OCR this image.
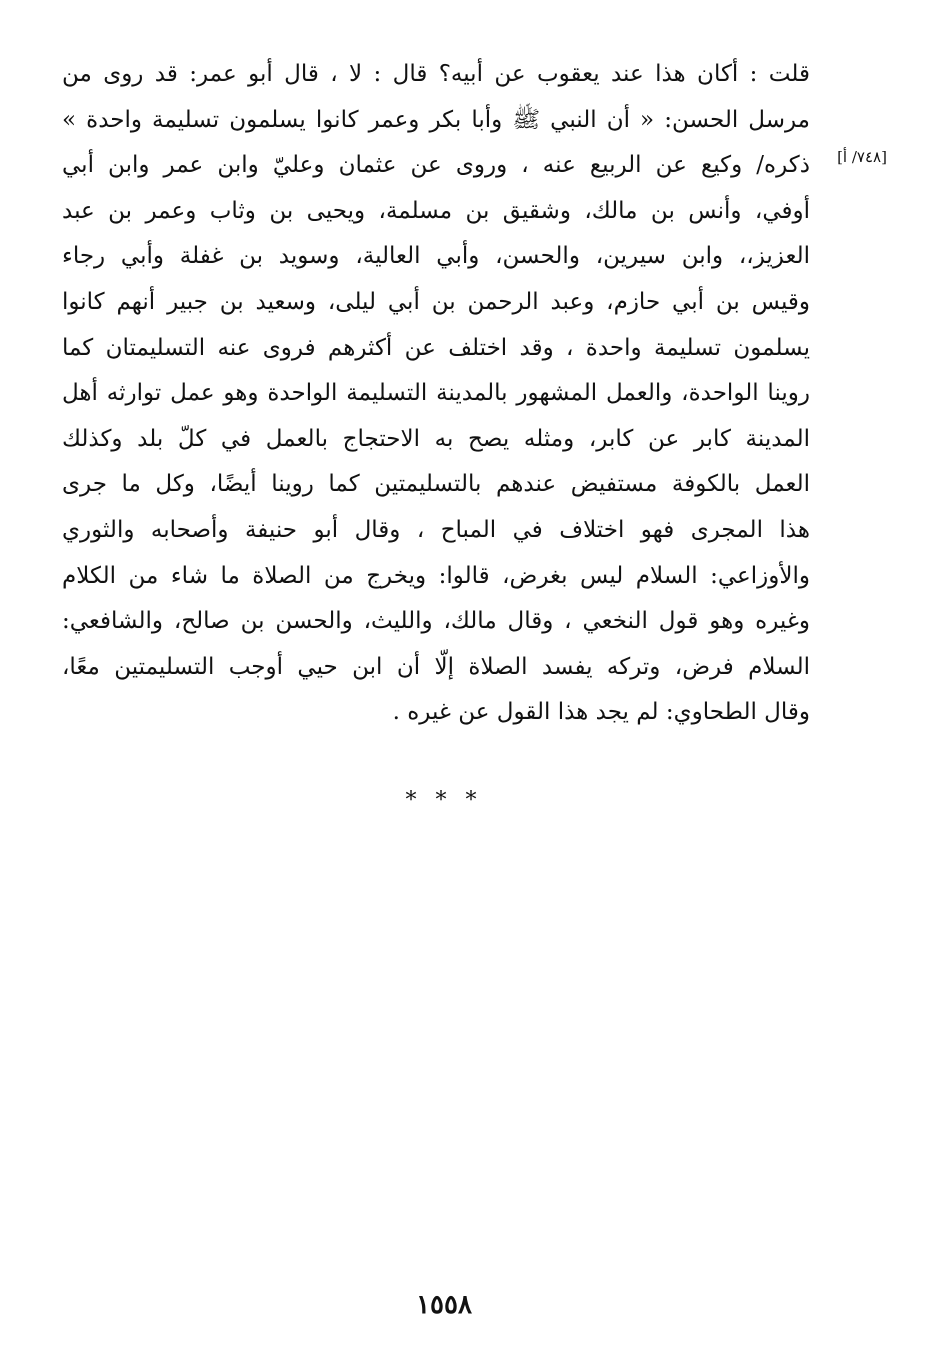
قلت : أكان هذا عند يعقوب عن أبيه؟ قال : لا ، قال أبو عمر: قد روى من
مرسل الحسن: « أن النبي ﷺ وأبا بكر وعمر كانوا يسلمون تسليمة واحدة »
ذكره/ وكيع عن الربيع عنه ، وروى عن عثمان وعليّ وابن عمر وابن أبي
أوفي، وأنس بن مالك، وشقيق بن مسلمة، ويحيى بن وثاب وعمر بن عبد
العزيز،، وابن سيرين، والحسن، وأبي العالية، وسويد بن غفلة وأبي رجاء
وقيس بن أبي حازم، وعبد الرحمن بن أبي ليلى، وسعيد بن جبير أنهم كانوا
يسلمون تسليمة واحدة ، وقد اختلف عن أكثرهم فروى عنه التسليمتان كما
روينا الواحدة، والعمل المشهور بالمدينة التسليمة الواحدة وهو عمل توارثه أهل
المدينة كابر عن كابر، ومثله يصح به الاحتجاج بالعمل في كلّ بلد وكذلك
العمل بالكوفة مستفيض عندهم بالتسليمتين كما روينا أيضًا، وكل ما جرى
هذا المجرى فهو اختلاف في المباح ، وقال أبو حنيفة وأصحابه والثوري
والأوزاعي: السلام ليس بغرض، قالوا: ويخرج من الصلاة ما شاء من الكلام
وغيره وهو قول النخعي ، وقال مالك، والليث، والحسن بن صالح، والشافعي:
السلام فرض، وتركه يفسد الصلاة إلّا أن ابن حيي أوجب التسليمتين معًا،
وقال الطحاوي: لم يجد هذا القول عن غيره .
[٧٤٨/ أ]
* * *
١٥٥٨
